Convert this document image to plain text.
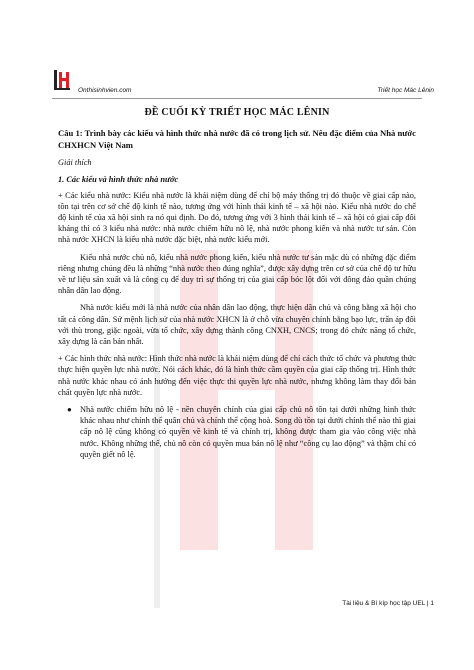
Onthisinhvien.com	Triết học Mác Lênin
ĐỀ CUỐI KỲ TRIẾT HỌC MÁC LÊNIN
Câu 1: Trình bày các kiểu và hình thức nhà nước đã có trong lịch sử. Nêu đặc điểm của Nhà nước CHXHCN Việt Nam
Giải thích
1. Các kiểu và hình thức nhà nước

+ Các kiểu nhà nước: Kiểu nhà nước là khái niệm dùng để chỉ bộ máy thống trị đó thuộc về giai cấp nào, tồn tại trên cơ sở chế độ kinh tế nào, tương ứng với hình thái kinh tế – xã hội nào. Kiểu nhà nước do chế độ kinh tế của xã hội sinh ra nó qui định. Do đó, tương ứng với 3 hình thái kinh tế – xã hội có giai cấp đối kháng thì có 3 kiểu nhà nước: nhà nước chiếm hữu nô lệ, nhà nước phong kiến và nhà nước tư sản. Còn nhà nước XHCN là kiểu nhà nước đặc biệt, nhà nước kiểu mới.

Kiểu nhà nước chủ nô, kiểu nhà nước phong kiến, kiểu nhà nước tư sản mặc dù có những đặc điểm riêng nhưng chúng đều là những “nhà nước theo đúng nghĩa”, được xây dựng trên cơ sở của chế độ tư hữu về tư liệu sản xuất và là công cụ để duy trì sự thống trị của giai cấp bóc lột đối với đông đảo quần chúng nhân dân lao động.

Nhà nước kiểu mới là nhà nước của nhân dân lao động, thực hiện dân chủ và công bằng xã hội cho tất cả công dân. Sứ mệnh lịch sử của nhà nước XHCN là ở chỗ vừa chuyên chính bằng bạo lực, trấn áp đối với thù trong, giặc ngoài, vừa tổ chức, xây dựng thành công CNXH, CNCS; trong đó chức năng tổ chức, xây dựng là căn bản nhất.

+ Các hình thức nhà nước: Hình thức nhà nước là khái niệm dùng để chỉ cách thức tổ chức và phương thức thực hiện quyền lực nhà nước. Nói cách khác, đó là hình thức cầm quyền của giai cấp thống trị. Hình thức nhà nước khác nhau có ảnh hưởng đến việc thực thi quyền lực nhà nước, nhưng không làm thay đổi bản chất quyền lực nhà nước.

● Nhà nước chiếm hữu nô lệ - nền chuyên chính của giai cấp chủ nô tồn tại dưới những hình thức khác nhau như chính thể quân chủ và chính thể cộng hoà. Song dù tồn tại dưới chính thể nào thì giai cấp nô lệ cũng không có quyền về kinh tế và chính trị, không được tham gia vào công việc nhà nước. Không những thế, chủ nô còn có quyền mua bán nô lệ như “công cụ lao động” và thậm chí có quyền giết nô lệ.
Tài liệu & Bí kíp học tập UEL | 1
